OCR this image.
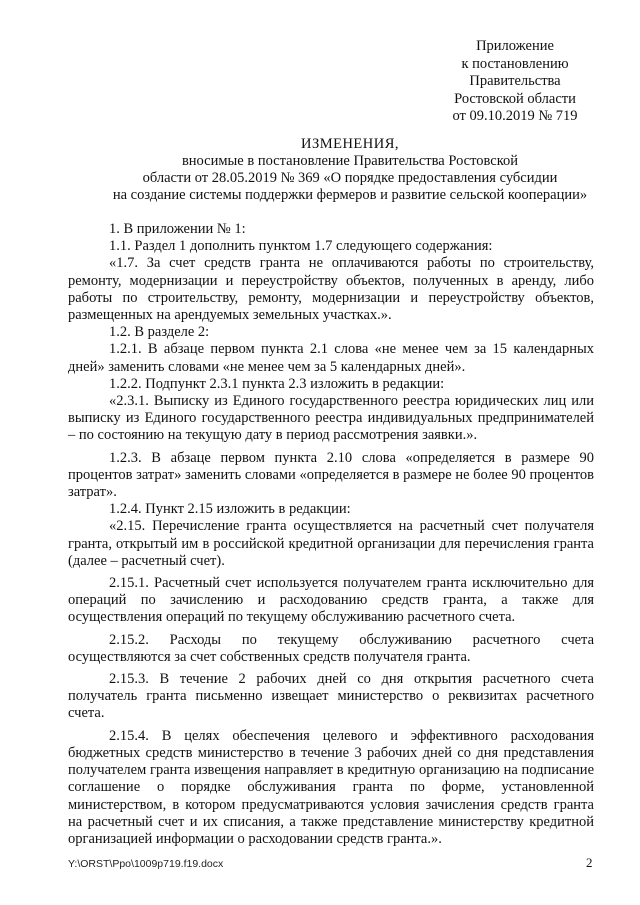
Приложение
к постановлению
Правительства
Ростовской области
от 09.10.2019 № 719
ИЗМЕНЕНИЯ,
вносимые в постановление Правительства Ростовской
области от 28.05.2019 № 369 «О порядке предоставления субсидии
на создание системы поддержки фермеров и развитие сельской кооперации»

1. В приложении № 1:

1.1. Раздел 1 дополнить пунктом 1.7 следующего содержания:

«1.7. За счет средств гранта не оплачиваются работы по строительству, ремонту, модернизации и переустройству объектов, полученных в аренду, либо работы по строительству, ремонту, модернизации и переустройству объектов, размещенных на арендуемых земельных участках.».

1.2. В разделе 2:

1.2.1. В абзаце первом пункта 2.1 слова «не менее чем за 15 календарных дней» заменить словами «не менее чем за 5 календарных дней».

1.2.2. Подпункт 2.3.1 пункта 2.3 изложить в редакции:

«2.3.1. Выписку из Единого государственного реестра юридических лиц или выписку из Единого государственного реестра индивидуальных предпринимателей – по состоянию на текущую дату в период рассмотрения заявки.».

1.2.3. В абзаце первом пункта 2.10 слова «определяется в размере 90 процентов затрат» заменить словами «определяется в размере не более 90 процентов затрат».

1.2.4. Пункт 2.15 изложить в редакции:

«2.15. Перечисление гранта осуществляется на расчетный счет получателя гранта, открытый им в российской кредитной организации для перечисления гранта (далее – расчетный счет).

2.15.1. Расчетный счет используется получателем гранта исключительно для операций по зачислению и расходованию средств гранта, а также для осуществления операций по текущему обслуживанию расчетного счета.

2.15.2. Расходы по текущему обслуживанию расчетного счета осуществляются за счет собственных средств получателя гранта.

2.15.3. В течение 2 рабочих дней со дня открытия расчетного счета получатель гранта письменно извещает министерство о реквизитах расчетного счета.

2.15.4. В целях обеспечения целевого и эффективного расходования бюджетных средств министерство в течение 3 рабочих дней со дня представления получателем гранта извещения направляет в кредитную организацию на подписание соглашение о порядке обслуживания гранта по форме, установленной министерством, в котором предусматриваются условия зачисления средств гранта на расчетный счет и их списания, а также представление министерству кредитной организацией информации о расходовании средств гранта.».

Y:\ORST\Ppo\1009p719.f19.docx	2
